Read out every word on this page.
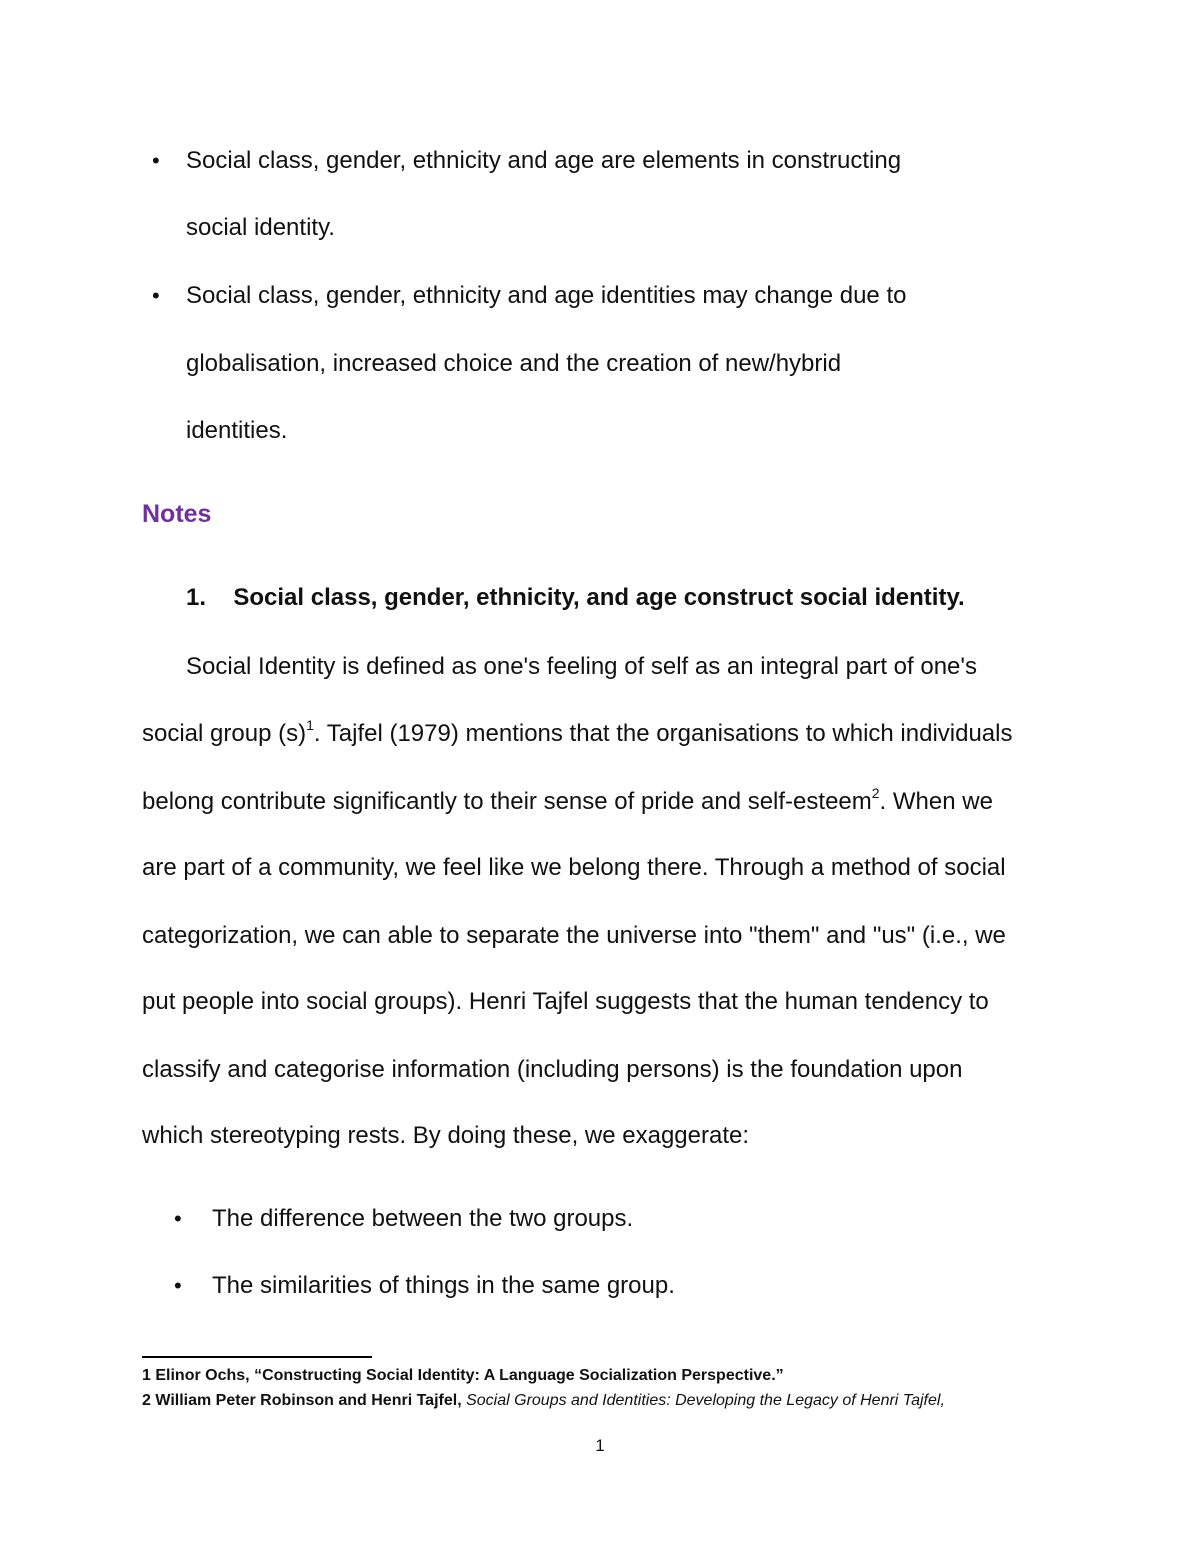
• Social class, gender, ethnicity and age are elements in constructing
social identity.
• Social class, gender, ethnicity and age identities may change due to
globalisation, increased choice and the creation of new/hybrid
identities.
Notes
1. Social class, gender, ethnicity, and age construct social identity.
Social Identity is defined as one's feeling of self as an integral part of one's
social group $(s)^1$. Tajfel (1979) mentions that the organisations to which individuals
belong contribute significantly to their sense of pride and self-esteem$^2$. When we
are part of a community, we feel like we belong there. Through a method of social
categorization, we can able to separate the universe into "them" and "us" (i.e., we
put people into social groups). Henri Tajfel suggests that the human tendency to
classify and categorise information (including persons) is the foundation upon
which stereotyping rests. By doing these, we exaggerate:
• The difference between the two groups.
• The similarities of things in the same group.
1 Elinor Ochs, “Constructing Social Identity: A Language Socialization Perspective.”
2 William Peter Robinson and Henri Tajfel, Social Groups and Identities: Developing the Legacy of Henri Tajfel,
1
